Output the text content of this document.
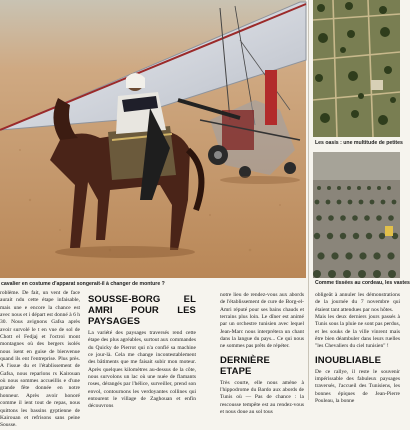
Les oasis : une multitude de petites
Comme tissées au cordeau, les vastes
cavalier en costume d'apparat songerait-il à changer de monture ?

roblème. De fait, un vent de face aurait ndu cette étape infaisable, mais une e encore la chance est avec nous et i départ est donné à 6 h 30. Nous avignons Gafsa après avoir survolé le t en vue de sol de Chott el Fedjaj et l'octroi mont montagnes où des bergers isolés nous isent en guise de bienvenue quand ils ent l'entreprise. Plus près. A l'issue du et l'établissement de Gafsa, nous reparlons rs Kairouan où nous sommes accueillis e d'une grande fête donnée en notre honneur. Après avoir honoré comme il ient tout de repas, nous quittons les bassins gyptienne de Kairouan et refrisons sans peine Sousse.

SOUSSE-BORG EL AMRI POUR LES PAYSAGES

La variété des paysages traversés rend cette étape des plus agréables, surtout aux commandes du Quicky de Pierrot qui n'a confié sa machine ce jour-là. Cela me change incontestablement des bâtiments que me faisait subir mon moteur. Après quelques kilomètres au-dessus de la côte, nous survolons un lac où une nuée de flamants roses, dérangés par l'hélice, surveiller, prend son envol, contournons les verdoyantes collines qui entourent le village de Zaghouan et enfin découvrons

notre lieu de rendez-vous aux abords de l'établissement de cure de Borg-el-Amri réputé pour ses bains chauds et terrains plus loin. Le dîner est animé par un orchestre tunisien avec lequel Jean-Marc nous interprétera un chant dans la langue du pays... Ce qui nous ne sommes pas prêts de répéter.

DERNIÈRE ETAPE

Très courte, elle nous amène à l'hippodrome du Bardo aux abords de Tunis où — Pas de chance : la rescousse tempête est au rendez-vous et nous doue au sol tous

obligeât à annuler les démonstrations de la journée du 7 novembre qui étaient tant attendues par nos hôtes.

Mais les deux derniers jours passés à Tunis sous la pluie ne sont pas perdus, et les souks de la ville vinrent mais être bien déambuler dans leurs ruelles "les Chevaliers du ciel tunisien" !

INOUBLIABLE

De ce rallye, il reste le souvenir impérissable des fabuleux paysages traversés, l'accueil des Tunisiens, les bonnes épiques de Jean-Pierre Pouleau, la bonne
